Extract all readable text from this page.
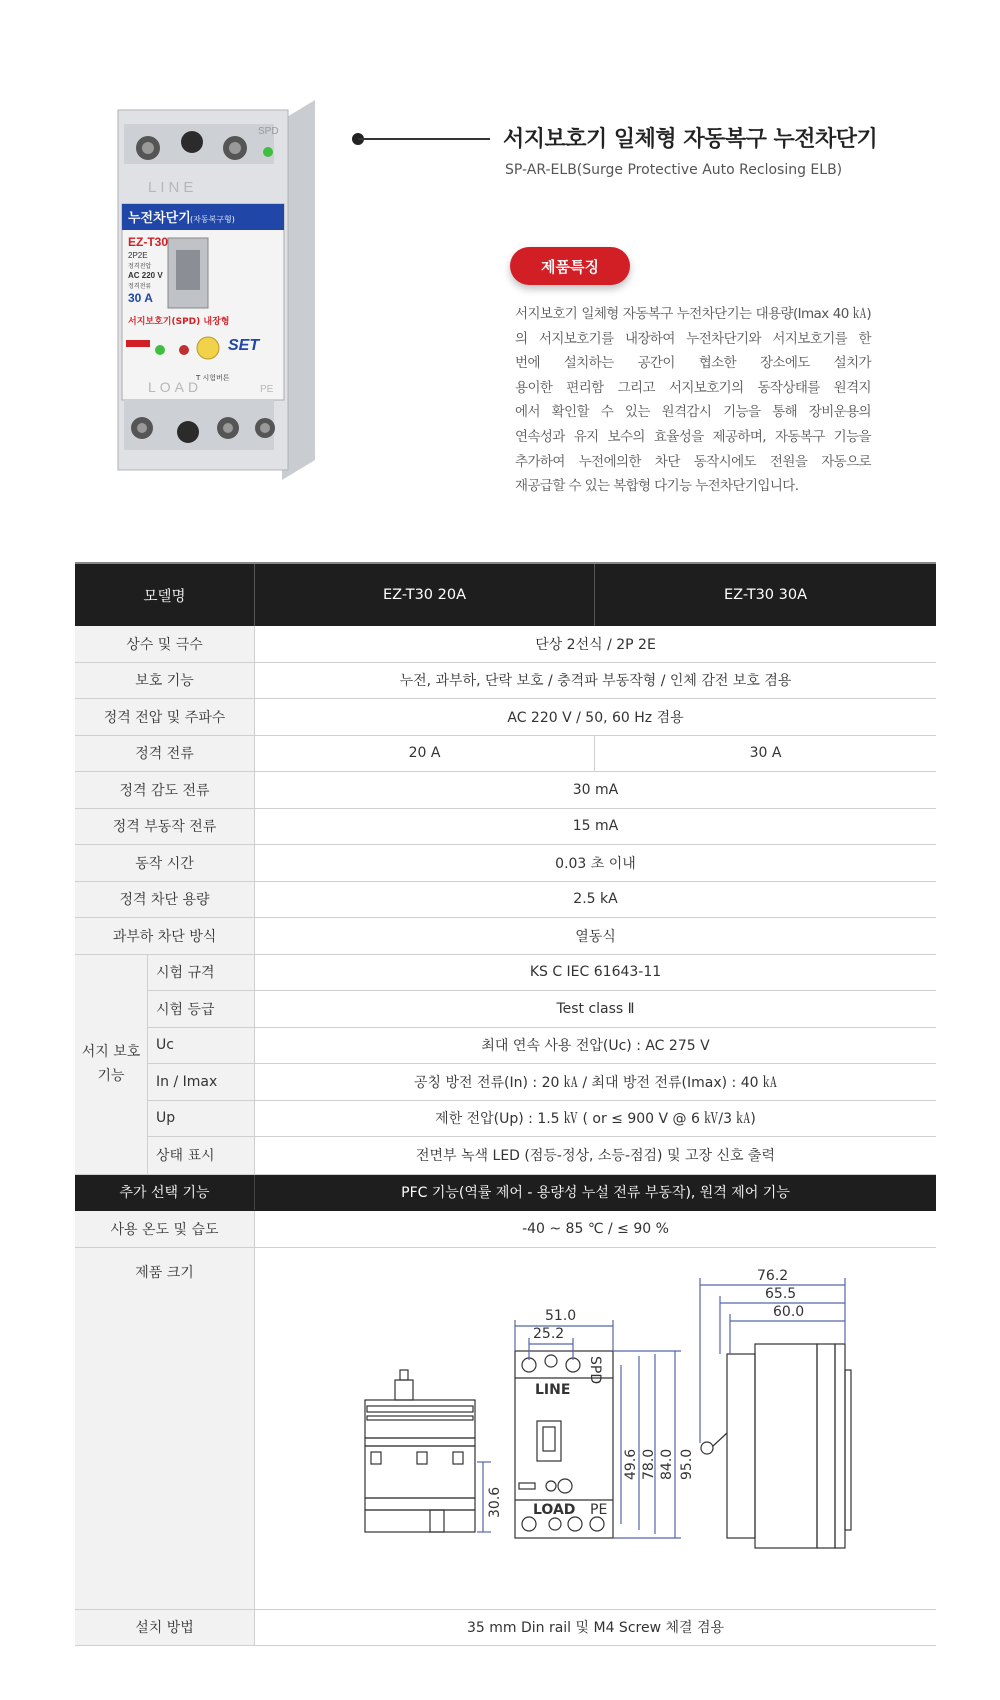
SPD
LINE
누전차단기 (자동복구형)
EZ-T30
2P2E
정격전압
AC 220 V
정격전류
30 A
서지보호기(SPD) 내장형
SET
T 시험버튼
LOAD	PE
서지보호기 일체형 자동복구 누전차단기
SP-AR-ELB(Surge Protective Auto Reclosing ELB)
제품특징
서지보호기 일체형 자동복구 누전차단기는 대용량(Imax 40 ㎄)
의 서지보호기를 내장하여 누전차단기와 서지보호기를 한
번에 설치하는 공간이 협소한 장소에도 설치가
용이한 편리함 그리고 서지보호기의 동작상태를 원격지
에서 확인할 수 있는 원격감시 기능을 통해 장비운용의
연속성과 유지 보수의 효율성을 제공하며, 자동복구 기능을
추가하여 누전에의한 차단 동작시에도 전원을 자동으로
재공급할 수 있는 복합형 다기능 누전차단기입니다.
모델명	EZ-T30 20A	EZ-T30 30A
상수 및 극수	단상 2선식 / 2P 2E
보호 기능	누전, 과부하, 단락 보호 / 충격파 부동작형 / 인체 감전 보호 겸용
정격 전압 및 주파수	AC 220 V / 50, 60 Hz 겸용
정격 전류	20 A	30 A
정격 감도 전류	30 mA
정격 부동작 전류	15 mA
동작 시간	0.03 초 이내
정격 차단 용량	2.5 kA
과부하 차단 방식	열동식
서지 보호
기능
시험 규격	KS C IEC 61643-11
시험 등급	Test class Ⅱ
Uc	최대 연속 사용 전압(Uc) : AC 275 V
In / Imax	공칭 방전 전류(In) : 20 ㎄ / 최대 방전 전류(Imax) : 40 ㎄
Up	제한 전압(Up) : 1.5 ㎸ ( or ≤ 900 V @ 6 ㎸/3 ㎄)
상태 표시	전면부 녹색 LED (점등-정상, 소등-점검) 및 고장 신호 출력
추가 선택 기능	PFC 기능(역률 제어 - 용량성 누설 전류 부동작), 원격 제어 기능
사용 온도 및 습도	-40 ~ 85 ℃ / ≤ 90 %
제품 크기
30.6
51.0
25.2
LINE
SPD
LOAD PE
49.6 78.0 84.0 95.0
76.2
65.5
60.0
설치 방법	35 mm Din rail 및 M4 Screw 체결 겸용
